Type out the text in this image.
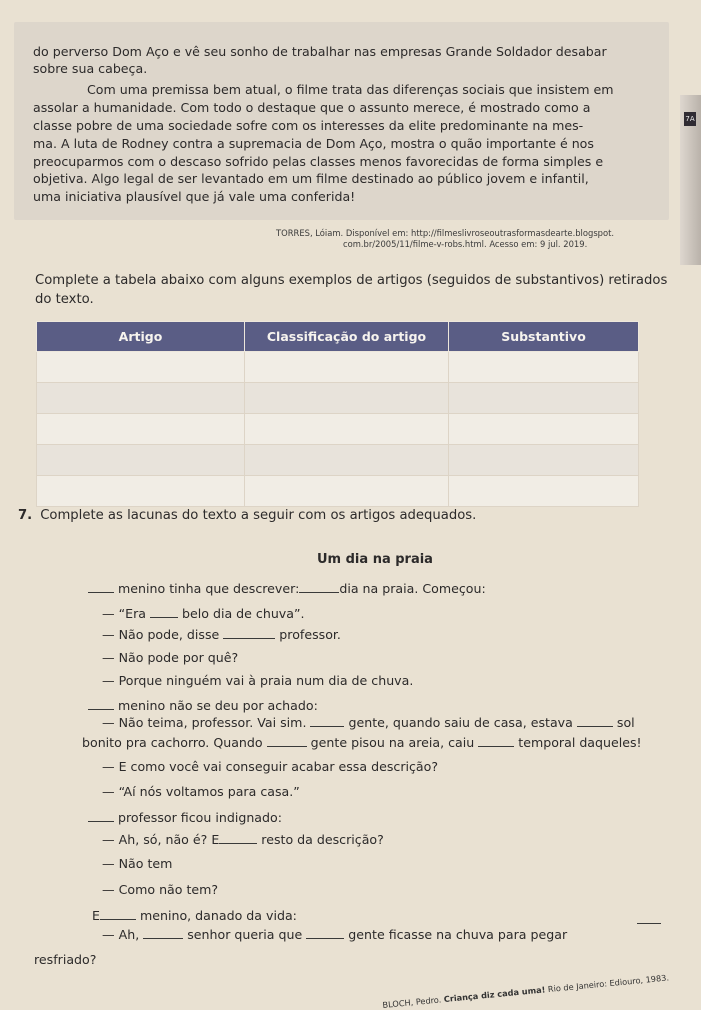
do perverso Dom Aço e vê seu sonho de trabalhar nas empresas Grande Soldador desabar
sobre sua cabeça.
Com uma premissa bem atual, o filme trata das diferenças sociais que insistem em
assolar a humanidade. Com todo o destaque que o assunto merece, é mostrado como a
classe pobre de uma sociedade sofre com os interesses da elite predominante na mes-
ma. A luta de Rodney contra a supremacia de Dom Aço, mostra o quão importante é nos
preocuparmos com o descaso sofrido pelas classes menos favorecidas de forma simples e
objetiva. Algo legal de ser levantado em um filme destinado ao público jovem e infantil,
uma iniciativa plausível que já vale uma conferida!
TORRES, Lóiam. Disponível em: http://filmeslivroseoutrasformasdearte.blogspot.
com.br/2005/11/filme-v-robs.html. Acesso em: 9 jul. 2019.
7A
Complete a tabela abaixo com alguns exemplos de artigos (seguidos de substantivos) retirados
do texto.
Artigo	Classificação do artigo	Substantivo

7. Complete as lacunas do texto a seguir com os artigos adequados.
Um dia na praia
menino tinha que descrever:	dia na praia. Começou:
— “Era	belo dia de chuva”.
— Não pode, disse	professor.
— Não pode por quê?
— Porque ninguém vai à praia num dia de chuva.
menino não se deu por achado:
— Não teima, professor. Vai sim.	gente, quando saiu de casa, estava	sol
bonito pra cachorro. Quando	gente pisou na areia, caiu	temporal daqueles!
— E como você vai conseguir acabar essa descrição?
— “Aí nós voltamos para casa.”
professor ficou indignado:
— Ah, só, não é? E	resto da descrição?
— Não tem
— Como não tem?
E	menino, danado da vida:
— Ah,	senhor queria que	gente ficasse na chuva para pegar
resfriado?
BLOCH, Pedro. Criança diz cada uma! Rio de Janeiro: Ediouro, 1983.
